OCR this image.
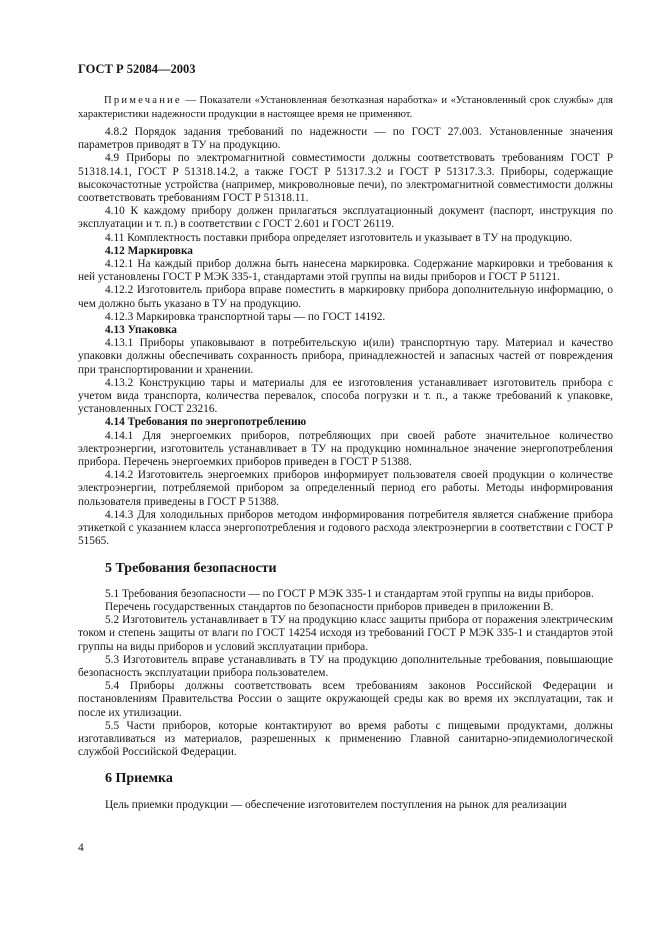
ГОСТ Р 52084—2003
Примечание — Показатели «Установленная безотказная наработка» и «Установленный срок службы» для характеристики надежности продукции в настоящее время не применяют.

4.8.2 Порядок задания требований по надежности — по ГОСТ 27.003. Установленные значения параметров приводят в ТУ на продукцию.

4.9 Приборы по электромагнитной совместимости должны соответствовать требованиям ГОСТ Р 51318.14.1, ГОСТ Р 51318.14.2, а также ГОСТ Р 51317.3.2 и ГОСТ Р 51317.3.3. Приборы, содержащие высокочастотные устройства (например, микроволновые печи), по электромагнитной совместимости должны соответствовать требованиям ГОСТ Р 51318.11.

4.10 К каждому прибору должен прилагаться эксплуатационный документ (паспорт, инструкция по эксплуатации и т. п.) в соответствии с ГОСТ 2.601 и ГОСТ 26119.

4.11 Комплектность поставки прибора определяет изготовитель и указывает в ТУ на продукцию.

4.12 Маркировка

4.12.1 На каждый прибор должна быть нанесена маркировка. Содержание маркировки и требования к ней установлены ГОСТ Р МЭК 335-1, стандартами этой группы на виды приборов и ГОСТ Р 51121.

4.12.2 Изготовитель прибора вправе поместить в маркировку прибора дополнительную информацию, о чем должно быть указано в ТУ на продукцию.

4.12.3 Маркировка транспортной тары — по ГОСТ 14192.

4.13 Упаковка

4.13.1 Приборы упаковывают в потребительскую и(или) транспортную тару. Материал и качество упаковки должны обеспечивать сохранность прибора, принадлежностей и запасных частей от повреждения при транспортировании и хранении.

4.13.2 Конструкцию тары и материалы для ее изготовления устанавливает изготовитель прибора с учетом вида транспорта, количества перевалок, способа погрузки и т. п., а также требований к упаковке, установленных ГОСТ 23216.

4.14 Требования по энергопотреблению

4.14.1 Для энергоемких приборов, потребляющих при своей работе значительное количество электроэнергии, изготовитель устанавливает в ТУ на продукцию номинальное значение энергопотребления прибора. Перечень энергоемких приборов приведен в ГОСТ Р 51388.

4.14.2 Изготовитель энергоемких приборов информирует пользователя своей продукции о количестве электроэнергии, потребляемой прибором за определенный период его работы. Методы информирования пользователя приведены в ГОСТ Р 51388.

4.14.3 Для холодильных приборов методом информирования потребителя является снабжение прибора этикеткой с указанием класса энергопотребления и годового расхода электроэнергии в соответствии с ГОСТ Р 51565.

5 Требования безопасности

5.1 Требования безопасности — по ГОСТ Р МЭК 335-1 и стандартам этой группы на виды приборов.

Перечень государственных стандартов по безопасности приборов приведен в приложении В.

5.2 Изготовитель устанавливает в ТУ на продукцию класс защиты прибора от поражения электрическим током и степень защиты от влаги по ГОСТ 14254 исходя из требований ГОСТ Р МЭК 335-1 и стандартов этой группы на виды приборов и условий эксплуатации прибора.

5.3 Изготовитель вправе устанавливать в ТУ на продукцию дополнительные требования, повышающие безопасность эксплуатации прибора пользователем.

5.4 Приборы должны соответствовать всем требованиям законов Российской Федерации и постановлениям Правительства России о защите окружающей среды как во время их эксплуатации, так и после их утилизации.

5.5 Части приборов, которые контактируют во время работы с пищевыми продуктами, должны изготавливаться из материалов, разрешенных к применению Главной санитарно-эпидемиологической службой Российской Федерации.

6 Приемка

Цель приемки продукции — обеспечение изготовителем поступления на рынок для реализации

4
